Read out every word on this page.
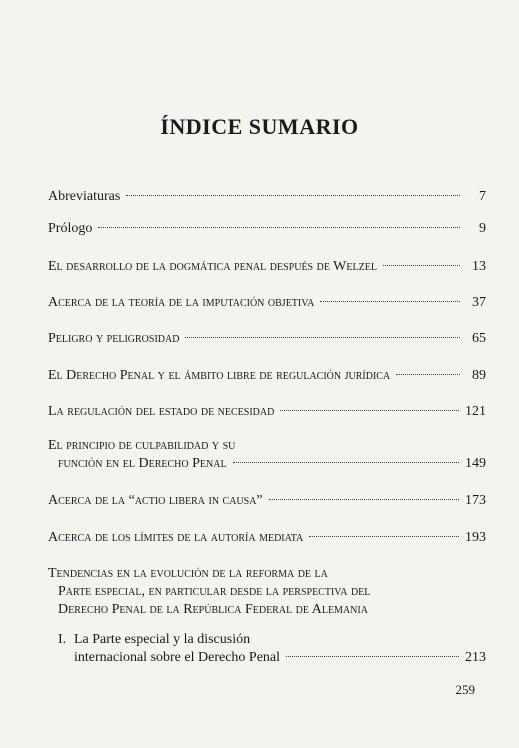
ÍNDICE SUMARIO
Abreviaturas	7
Prólogo	9
El desarrollo de la dogmática penal después de Welzel	13
Acerca de la teoría de la imputación objetiva	37
Peligro y peligrosidad	65
El Derecho Penal y el ámbito libre de regulación jurídica	89
La regulación del estado de necesidad	121
El principio de culpabilidad y su
función en el Derecho Penal	149
Acerca de la “actio libera in causa”	173
Acerca de los límites de la autoría mediata	193
Tendencias en la evolución de la reforma de la
Parte especial, en particular desde la perspectiva del
Derecho Penal de la República Federal de Alemania
I. La Parte especial y la discusión
internacional sobre el Derecho Penal	213
259
